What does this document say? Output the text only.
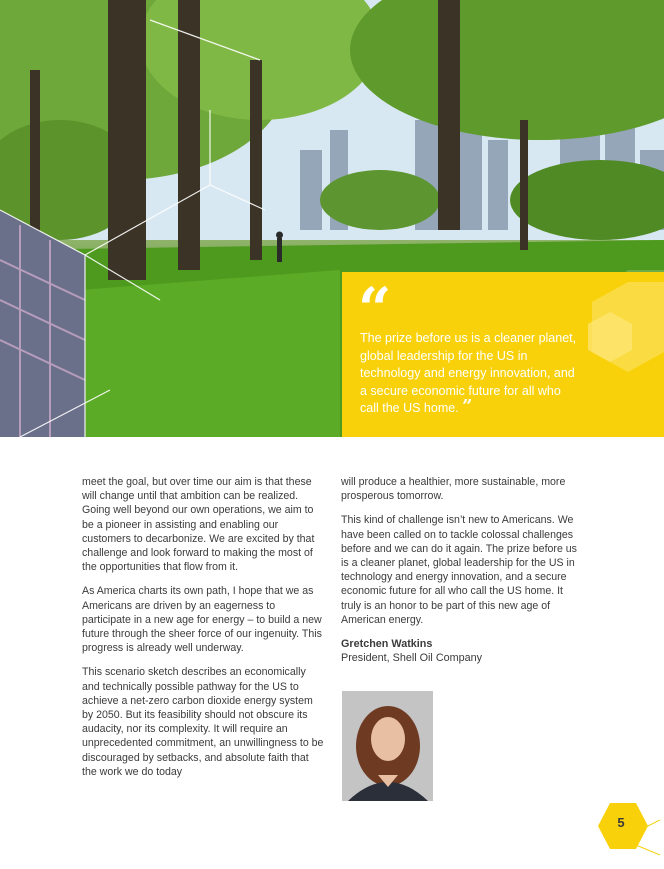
“
The prize before us is a cleaner planet, global leadership for the US in technology and energy innovation, and a secure economic future for all who call the US home. ”

meet the goal, but over time our aim is that these will change until that ambition can be realized. Going well beyond our own operations, we aim to be a pioneer in assisting and enabling our customers to decarbonize. We are excited by that challenge and look forward to making the most of the opportunities that flow from it.

As America charts its own path, I hope that we as Americans are driven by an eagerness to participate in a new age for energy – to build a new future through the sheer force of our ingenuity. This progress is already well underway.

This scenario sketch describes an economically and technically possible pathway for the US to achieve a net-zero carbon dioxide energy system by 2050. But its feasibility should not obscure its audacity, nor its complexity. It will require an unprecedented commitment, an unwillingness to be discouraged by setbacks, and absolute faith that the work we do today

will produce a healthier, more sustainable, more prosperous tomorrow.

This kind of challenge isn’t new to Americans. We have been called on to tackle colossal challenges before and we can do it again. The prize before us is a cleaner planet, global leadership for the US in technology and energy innovation, and a secure economic future for all who call the US home. It truly is an honor to be part of this new age of American energy.

Gretchen Watkins
President, Shell Oil Company
5
